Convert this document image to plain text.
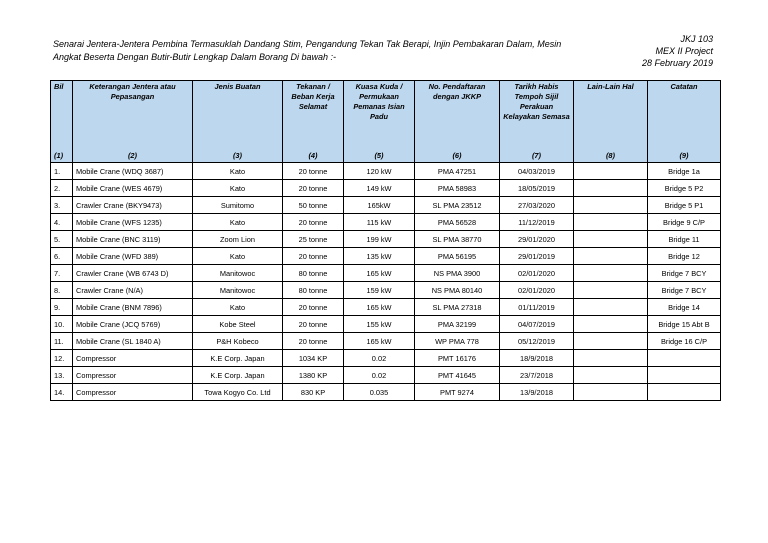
Senarai Jentera-Jentera Pembina Termasuklah Dandang Stim, Pengandung Tekan Tak Berapi, Injin Pembakaran Dalam, Mesin
Angkat Beserta Dengan Butir-Butir Lengkap Dalam Borang Di bawah :-
JKJ 103
MEX II Project
28 February 2019
Bil	Keterangan Jentera atau Pepasangan	Jenis Buatan	Tekanan / Beban Kerja Selamat	Kuasa Kuda / Permukaan Pemanas Isian Padu	No. Pendaftaran dengan JKKP	Tarikh Habis Tempoh Sijil Perakuan Kelayakan Semasa	Lain-Lain Hal	Catatan
(1)	(2)	(3)	(4)	(5)	(6)	(7)	(8)	(9)
1.	Mobile Crane (WDQ 3687)	Kato	20 tonne	120 kW	PMA 47251	04/03/2019		Bridge 1a
2.	Mobile Crane (WES 4679)	Kato	20 tonne	149 kW	PMA 58983	18/05/2019		Bridge 5 P2
3.	Crawler Crane (BKY9473)	Sumitomo	50 tonne	165kW	SL PMA 23512	27/03/2020		Bridge 5 P1
4.	Mobile Crane (WFS 1235)	Kato	20 tonne	115 kW	PMA 56528	11/12/2019		Bridge 9 C/P
5.	Mobile Crane (BNC 3119)	Zoom Lion	25 tonne	199 kW	SL PMA 38770	29/01/2020		Bridge 11
6.	Mobile Crane (WFD 389)	Kato	20 tonne	135 kW	PMA 56195	29/01/2019		Bridge 12
7.	Crawler Crane (WB 6743 D)	Manitowoc	80 tonne	165 kW	NS PMA 3900	02/01/2020		Bridge 7 BCY
8.	Crawler Crane (N/A)	Manitowoc	80 tonne	159 kW	NS PMA 80140	02/01/2020		Bridge 7 BCY
9.	Mobile Crane (BNM 7896)	Kato	20 tonne	165 kW	SL PMA 27318	01/11/2019		Bridge 14
10.	Mobile Crane (JCQ 5769)	Kobe Steel	20 tonne	155 kW	PMA 32199	04/07/2019		Bridge 15 Abt B
11.	Mobile Crane (SL 1840 A)	P&H Kobeco	20 tonne	165 kW	WP PMA 778	05/12/2019		Bridge 16 C/P
12.	Compressor	K.E Corp. Japan	1034 KP	0.02	PMT 16176	18/9/2018		
13.	Compressor	K.E Corp. Japan	1380 KP	0.02	PMT 41645	23/7/2018		
14.	Compressor	Towa Kogyo Co. Ltd	830 KP	0.035	PMT 9274	13/9/2018		
